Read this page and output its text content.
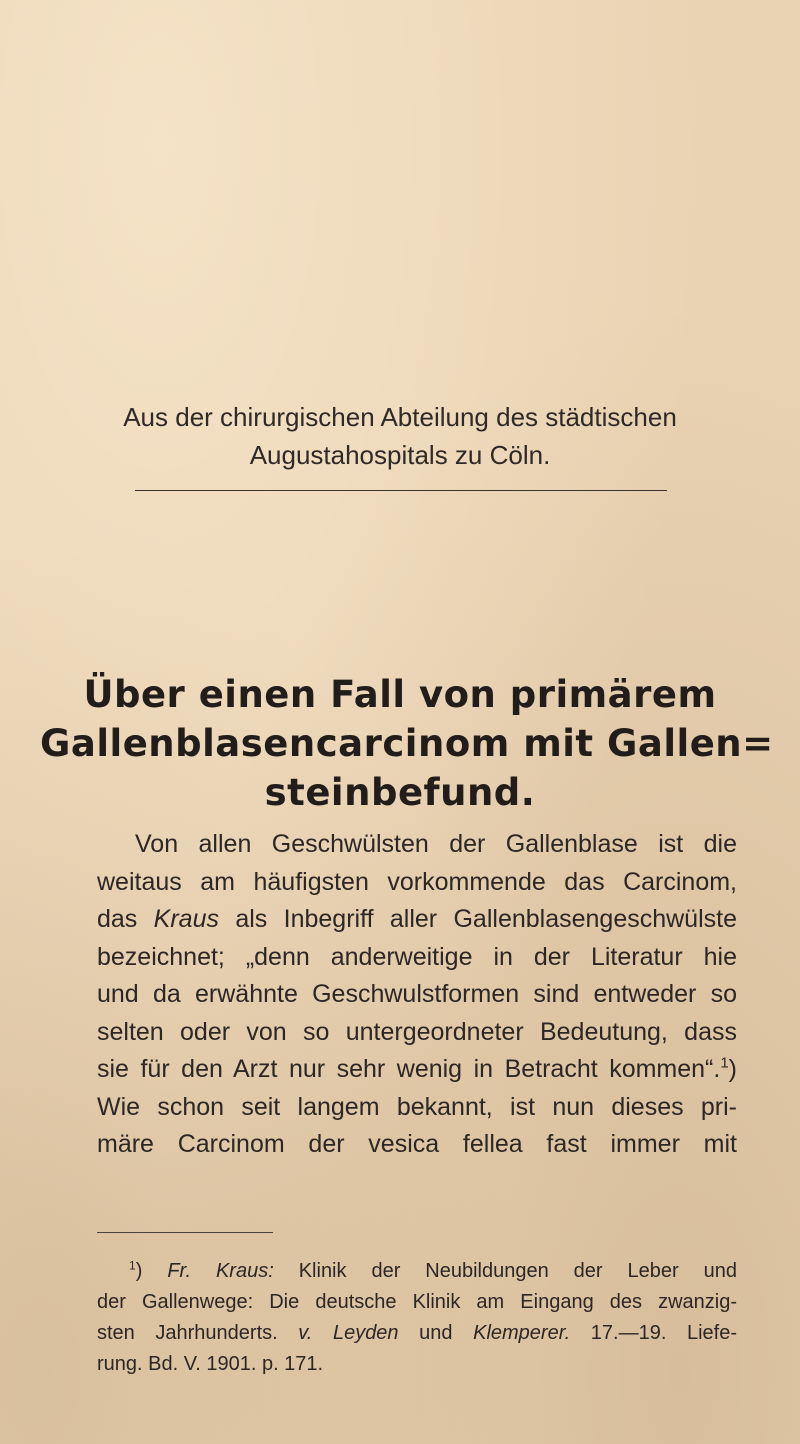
Aus der chirurgischen Abteilung des städtischen
Augustahospitals zu Cöln.
Über einen Fall von primärem
Gallenblasencarcinom mit Gallen=
steinbefund.
Von allen Geschwülsten der Gallenblase ist die
weitaus am häufigsten vorkommende das Carcinom,
das Kraus als Inbegriff aller Gallenblasengeschwülste
bezeichnet; „denn anderweitige in der Literatur hie
und da erwähnte Geschwulstformen sind entweder so
selten oder von so untergeordneter Bedeutung, dass
sie für den Arzt nur sehr wenig in Betracht kommen“.$^1$)
Wie schon seit langem bekannt, ist nun dieses pri-
märe Carcinom der vesica fellea fast immer mit
$^1$) Fr. Kraus: Klinik der Neubildungen der Leber und
der Gallenwege: Die deutsche Klinik am Eingang des zwanzig-
sten Jahrhunderts. v. Leyden und Klemperer. 17.—19. Liefe-
rung. Bd. V. 1901. p. 171.
